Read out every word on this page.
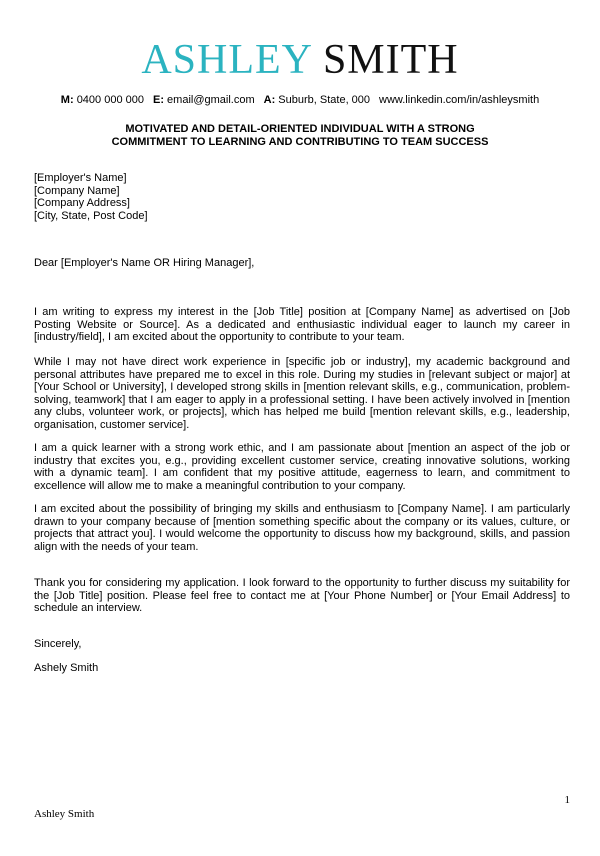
ASHLEY SMITH
M: 0400 000 000 E: email@gmail.com A: Suburb, State, 000 www.linkedin.com/in/ashleysmith
MOTIVATED AND DETAIL-ORIENTED INDIVIDUAL WITH A STRONG
COMMITMENT TO LEARNING AND CONTRIBUTING TO TEAM SUCCESS
[Employer's Name]
[Company Name]
[Company Address]
[City, State, Post Code]
Dear [Employer's Name OR Hiring Manager],
I am writing to express my interest in the [Job Title] position at [Company Name] as advertised on [Job Posting Website or Source]. As a dedicated and enthusiastic individual eager to launch my career in [industry/field], I am excited about the opportunity to contribute to your team.
While I may not have direct work experience in [specific job or industry], my academic background and personal attributes have prepared me to excel in this role. During my studies in [relevant subject or major] at [Your School or University], I developed strong skills in [mention relevant skills, e.g., communication, problem-solving, teamwork] that I am eager to apply in a professional setting. I have been actively involved in [mention any clubs, volunteer work, or projects], which has helped me build [mention relevant skills, e.g., leadership, organisation, customer service].
I am a quick learner with a strong work ethic, and I am passionate about [mention an aspect of the job or industry that excites you, e.g., providing excellent customer service, creating innovative solutions, working with a dynamic team]. I am confident that my positive attitude, eagerness to learn, and commitment to excellence will allow me to make a meaningful contribution to your company.
I am excited about the possibility of bringing my skills and enthusiasm to [Company Name]. I am particularly drawn to your company because of [mention something specific about the company or its values, culture, or projects that attract you]. I would welcome the opportunity to discuss how my background, skills, and passion align with the needs of your team.
Thank you for considering my application. I look forward to the opportunity to further discuss my suitability for the [Job Title] position. Please feel free to contact me at [Your Phone Number] or [Your Email Address] to schedule an interview.
Sincerely,
Ashely Smith
1
Ashley Smith
